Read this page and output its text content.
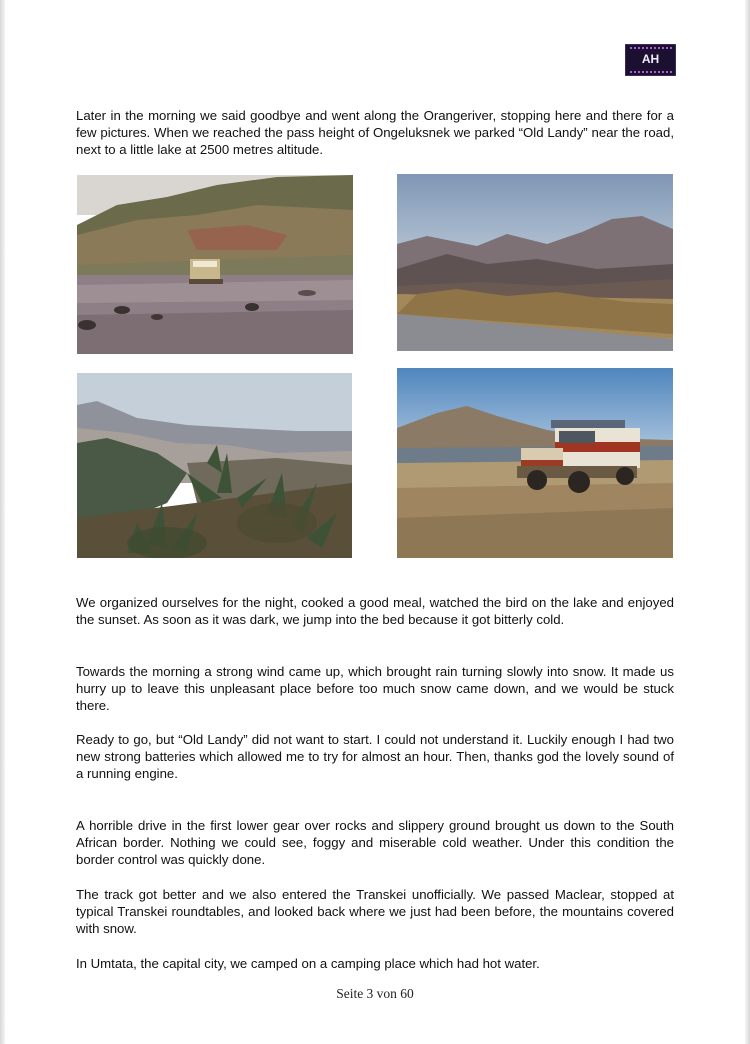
AH

Later in the morning we said goodbye and went along the Orangeriver, stopping here and there for a few pictures. When we reached the pass height of Ongeluksnek we parked “Old Landy” near the road, next to a little lake at 2500 metres altitude.

We organized ourselves for the night, cooked a good meal, watched the bird on the lake and enjoyed the sunset. As soon as it was dark, we jump into the bed because it got bitterly cold.

Towards the morning a strong wind came up, which brought rain turning slowly into snow. It made us hurry up to leave this unpleasant place before too much snow came down, and we would be stuck there.

Ready to go, but “Old Landy” did not want to start. I could not understand it. Luckily enough I had two new strong batteries which allowed me to try for almost an hour. Then, thanks god the lovely sound of a running engine.

A horrible drive in the first lower gear over rocks and slippery ground brought us down to the South African border. Nothing we could see, foggy and miserable cold weather. Under this condition the border control was quickly done.

The track got better and we also entered the Transkei unofficially. We passed Maclear, stopped at typical Transkei roundtables, and looked back where we just had been before, the mountains covered with snow.

In Umtata, the capital city, we camped on a camping place which had hot water.

Seite 3 von 60
